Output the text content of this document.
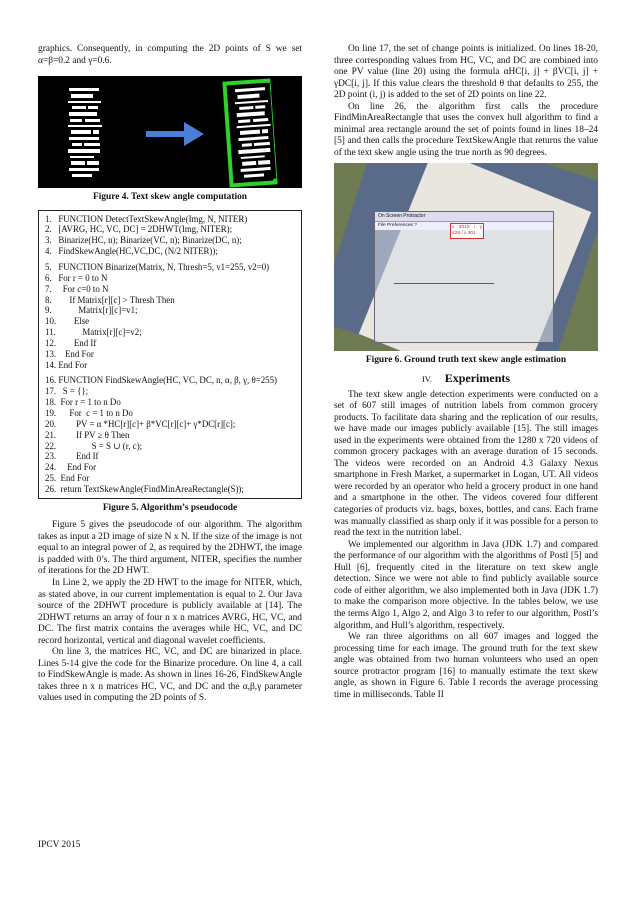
graphics. Consequently, in computing the 2D points of S we set α=β=0.2 and γ=0.6.

Figure 4. Text skew angle computation
1.   FUNCTION DetectTextSkewAngle(Img, N, NITER)
2.   [AVRG, HC, VC, DC] = 2DHWT(Img, NITER);
3.   Binarize(HC, n); Binarize(VC, n); Binarize(DC, n);
4.   FindSkewAngle(HC,VC,DC, (N/2 NITER));
5.   FUNCTION Binarize(Matrix, N, Thresh=5, v1=255, v2=0)
6.   For r = 0 to N
7.     For c=0 to N
8.        If Matrix[r][c] > Thresh Then
9.            Matrix[r][c]=v1;
10.        Else
11.            Matrix[r][c]=v2;
12.        End If
13.    End For
14. End For
16. FUNCTION FindSkewAngle(HC, VC, DC, n, α, β, γ, θ=255)
17.   S = {};
18.  For r = 1 to n Do
19.      For  c = 1 to n Do
20.         PV = α *HC[r][c]+ β*VC[r][c]+ γ*DC[r][c];
21.         If PV ≥ θ Then
22.                S = S ∪ (r, c);
23.         End If
24.     End For
25.  End For
26.  return TextSkewAngle(FindMinAreaRectangle(S));
Figure 5. Algorithm’s pseudocode

Figure 5 gives the pseudocode of our algorithm. The algorithm takes as input a 2D image of size N x N. If the size of the image is not equal to an integral power of 2, as required by the 2DHWT, the image is padded with 0’s. The third argument, NITER, specifies the number of iterations for the 2D HWT.

In Line 2, we apply the 2D HWT to the image for NITER, which, as stated above, in our current implementation is equal to 2. Our Java source of the 2DHWT procedure is publicly available at [14]. The 2DHWT returns an array of four n x n matrices AVRG, HC, VC, and DC. The first matrix contains the averages while HC, VC, and DC record horizontal, vertical and diagonal wavelet coefficients.

On line 3, the matrices HC, VC, and DC are binarized in place. Lines 5-14 give the code for the Binarize procedure. On line 4, a call to FindSkewAngle is made. As shown in lines 16-26, FindSkewAngle takes three n x n matrices HC, VC, and DC and the α,β,γ parameter values used in computing the 2D points of S.

On line 17, the set of change points is initialized. On lines 18-20, three corresponding values from HC, VC, and DC are combined into one PV value (line 20) using the formula αHC[i, j] + βVC[i, j] + γDC[i, j]. If this value clears the threshold θ that defaults to 255, the 2D point (i, j) is added to the set of 2D points on line 22.

On line 26, the algorithm first calls the procedure FindMinAreaRectangle that uses the convex hull algorithm to find a minimal area rectangle around the set of points found in lines 18–24 [5] and then calls the procedure TextSkewAngle that returns the value of the text skew angle using the true north as 90 degrees.

On Screen Protractor
File Preferences ?	x 3010 / y 428 / x 301
Figure 6. Ground truth text skew angle estimation
IV. Experiments

The text skew angle detection experiments were conducted on a set of 607 still images of nutrition labels from common grocery products. To facilitate data sharing and the replication of our results, we have made our images publicly available [15]. The still images used in the experiments were obtained from the 1280 x 720 videos of common grocery packages with an average duration of 15 seconds. The videos were recorded on an Android 4.3 Galaxy Nexus smartphone in Fresh Market, a supermarket in Logan, UT. All videos were recorded by an operator who held a grocery product in one hand and a smartphone in the other. The videos covered four different categories of products viz. bags, boxes, bottles, and cans. Each frame was manually classified as sharp only if it was possible for a person to read the text in the nutrition label.

We implemented our algorithm in Java (JDK 1.7) and compared the performance of our algorithm with the algorithms of Postl [5] and Hull [6], frequently cited in the literature on text skew angle detection. Since we were not able to find publicly available source code of either algorithm, we also implemented both in Java (JDK 1.7) to make the comparison more objective. In the tables below, we use the terms Algo 1, Algo 2, and Algo 3 to refer to our algorithm, Postl’s algorithm, and Hull’s algorithm, respectively.

We ran three algorithms on all 607 images and logged the processing time for each image. The ground truth for the text skew angle was obtained from two human volunteers who used an open source protractor program [16] to manually estimate the text skew angle, as shown in Figure 6. Table I records the average processing time in milliseconds. Table II

IPCV 2015
